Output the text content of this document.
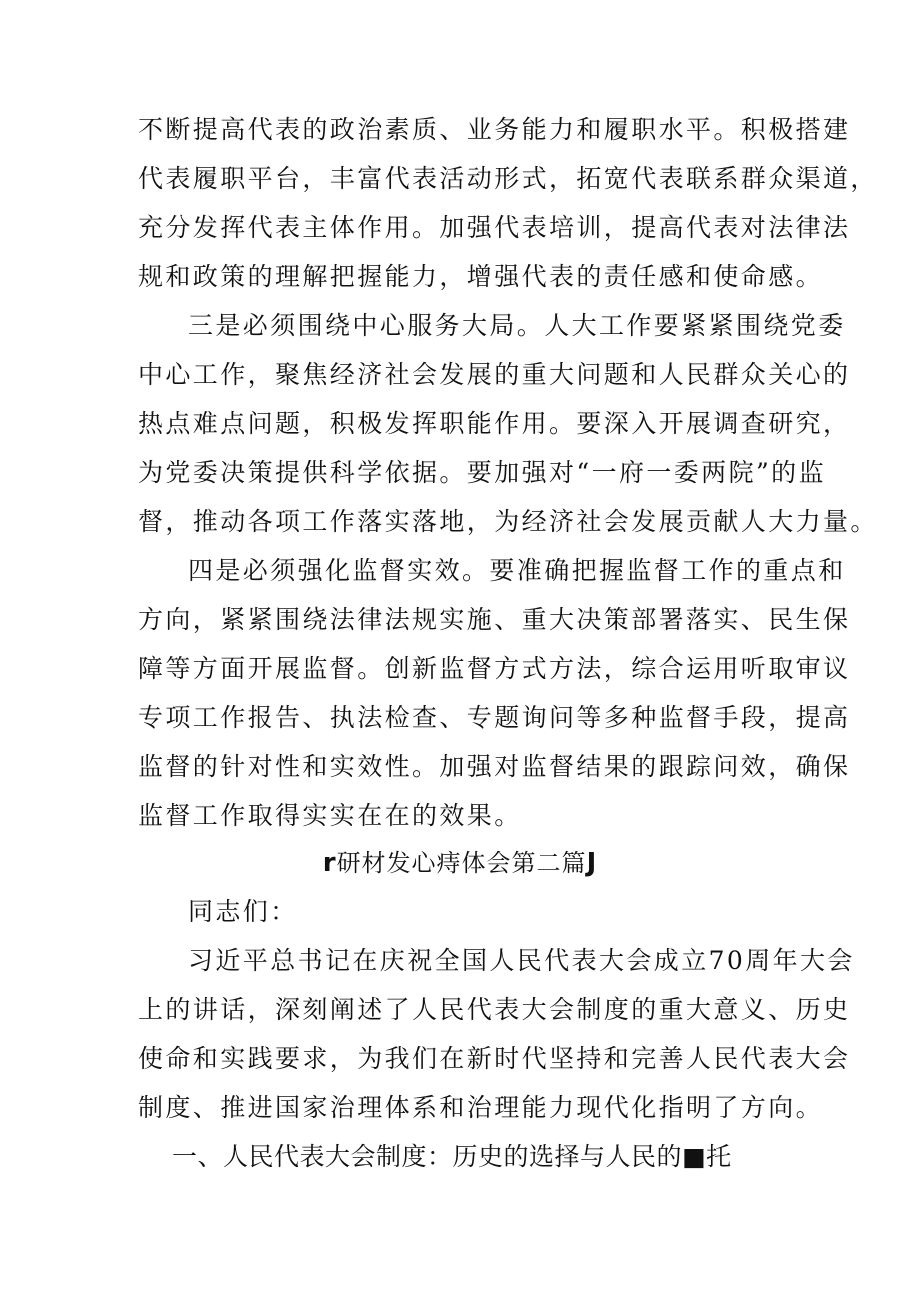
不断提高代表的政治素质、业务能力和履职水平。积极搭建
代表履职平台，丰富代表活动形式，拓宽代表联系群众渠道，
充分发挥代表主体作用。加强代表培训，提高代表对法律法
规和政策的理解把握能力，增强代表的责任感和使命感。
三是必须围绕中心服务大局。人大工作要紧紧围绕党委
中心工作，聚焦经济社会发展的重大问题和人民群众关心的
热点难点问题，积极发挥职能作用。要深入开展调查研究，
为党委决策提供科学依据。要加强对“一府一委两院”的监
督，推动各项工作落实落地，为经济社会发展贡献人大力量。
四是必须强化监督实效。要准确把握监督工作的重点和
方向，紧紧围绕法律法规实施、重大决策部署落实、民生保
障等方面开展监督。创新监督方式方法，综合运用听取审议
专项工作报告、执法检查、专题询问等多种监督手段，提高
监督的针对性和实效性。加强对监督结果的跟踪问效，确保
监督工作取得实实在在的效果。
r研材发心痔体会第二篇J
同志们：
习近平总书记在庆祝全国人民代表大会成立70周年大会
上的讲话，深刻阐述了人民代表大会制度的重大意义、历史
使命和实践要求，为我们在新时代坚持和完善人民代表大会
制度、推进国家治理体系和治理能力现代化指明了方向。
一、人民代表大会制度：历史的选择与人民的■托
